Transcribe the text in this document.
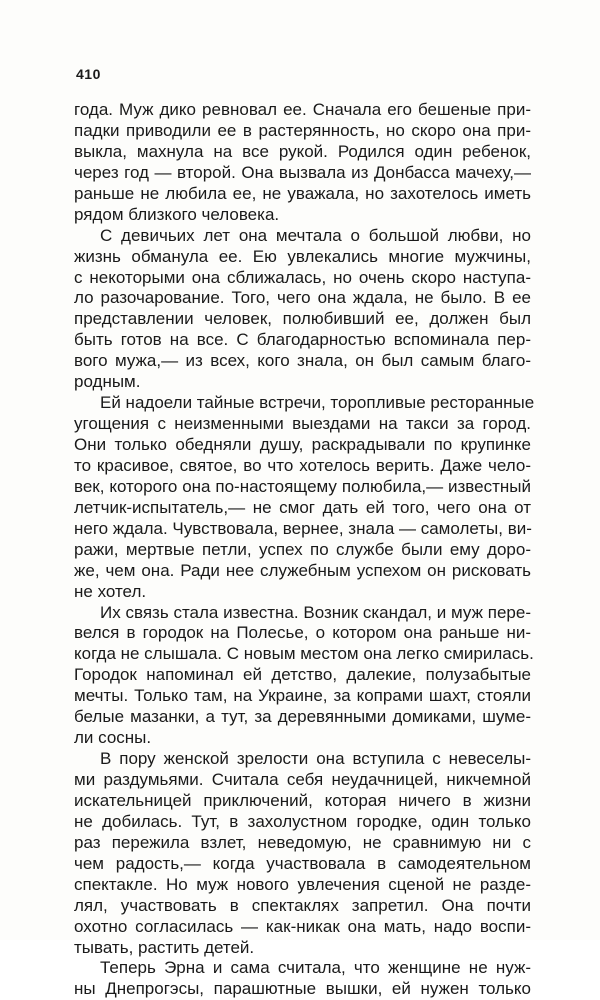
410
года. Муж дико ревновал ее. Сначала его бешеные при-
падки приводили ее в растерянность, но скоро она при-
выкла, махнула на все рукой. Родился один ребенок,
через год — второй. Она вызвала из Донбасса мачеху,—
раньше не любила ее, не уважала, но захотелось иметь
рядом близкого человека.
С девичьих лет она мечтала о большой любви, но
жизнь обманула ее. Ею увлекались многие мужчины,
с некоторыми она сближалась, но очень скоро наступа-
ло разочарование. Того, чего она ждала, не было. В ее
представлении человек, полюбивший ее, должен был
быть готов на все. С благодарностью вспоминала пер-
вого мужа,— из всех, кого знала, он был самым благо-
родным.
Ей надоели тайные встречи, торопливые ресторанные
угощения с неизменными выездами на такси за город.
Они только обедняли душу, раскрадывали по крупинке
то красивое, святое, во что хотелось верить. Даже чело-
век, которого она по-настоящему полюбила,— известный
летчик-испытатель,— не смог дать ей того, чего она от
него ждала. Чувствовала, вернее, знала — самолеты, ви-
ражи, мертвые петли, успех по службе были ему доро-
же, чем она. Ради нее служебным успехом он рисковать
не хотел.
Их связь стала известна. Возник скандал, и муж пере-
велся в городок на Полесье, о котором она раньше ни-
когда не слышала. С новым местом она легко смирилась.
Городок напоминал ей детство, далекие, полузабытые
мечты. Только там, на Украине, за копрами шахт, стояли
белые мазанки, а тут, за деревянными домиками, шуме-
ли сосны.
В пору женской зрелости она вступила с невеселы-
ми раздумьями. Считала себя неудачницей, никчемной
искательницей приключений, которая ничего в жизни
не добилась. Тут, в захолустном городке, один только
раз пережила взлет, неведомую, не сравнимую ни с
чем радость,— когда участвовала в самодеятельном
спектакле. Но муж нового увлечения сценой не разде-
лял, участвовать в спектаклях запретил. Она почти
охотно согласилась — как-никак она мать, надо воспи-
тывать, растить детей.
Теперь Эрна и сама считала, что женщине не нуж-
ны Днепрогэсы, парашютные вышки, ей нужен только
